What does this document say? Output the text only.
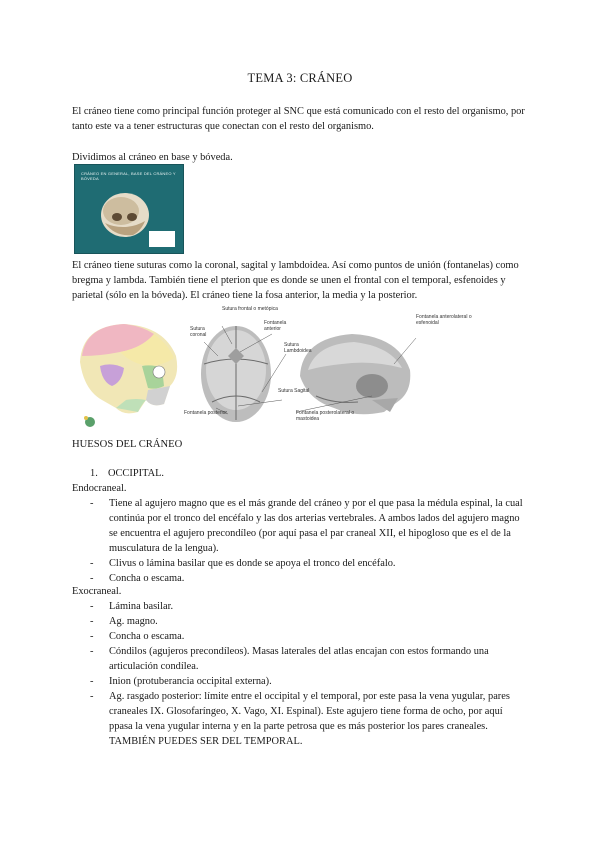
TEMA 3: CRÁNEO
El cráneo tiene como principal función proteger al SNC que está comunicado con el resto del organismo, por tanto este va a tener estructuras que conectan con el resto del organismo.
Dividimos al cráneo en base y bóveda.
CRÁNEO EN GENERAL, BASE DEL CRÁNEO Y BÓVEDA
El cráneo tiene suturas como la coronal, sagital y lambdoidea. Así como puntos de unión (fontanelas) como bregma y lambda. También tiene el pterion que es donde se unen el frontal con el temporal, esfenoides y parietal (sólo en la bóveda). El cráneo tiene la fosa anterior, la media y la posterior.
Sutura frontal o metópica
Sutura coronal
Fontanela anterior
Sutura Lambdoidea
Sutura Sagital
Fontanela posterior
Fontanela anterolateral o esfenoidal
Fontanela posterolateral o mastoidea
HUESOS DEL CRÁNEO
1. OCCIPITAL.
Endocraneal.
- Tiene al agujero magno que es el más grande del cráneo y por el que pasa la médula espinal, la cual continúa por el tronco del encéfalo y las dos arterias vertebrales. A ambos lados del agujero magno se encuentra el agujero precondíleo (por aquí pasa el par craneal XII, el hipogloso que es el de la musculatura de la lengua).
- Clivus o lámina basilar que es donde se apoya el tronco del encéfalo.
- Concha o escama.
Exocraneal.
- Lámina basilar.
- Ag. magno.
- Concha o escama.
- Cóndilos (agujeros precondíleos). Masas laterales del atlas encajan con estos formando una articulación condílea.
- Inion (protuberancia occipital externa).
- Ag. rasgado posterior: límite entre el occipital y el temporal, por este pasa la vena yugular, pares craneales IX. Glosofaríngeo, X. Vago, XI. Espinal). Este agujero tiene forma de ocho, por aquí ppasa la vena yugular interna y en la parte petrosa que es más posterior los pares craneales. TAMBIÉN PUEDES SER DEL TEMPORAL.
